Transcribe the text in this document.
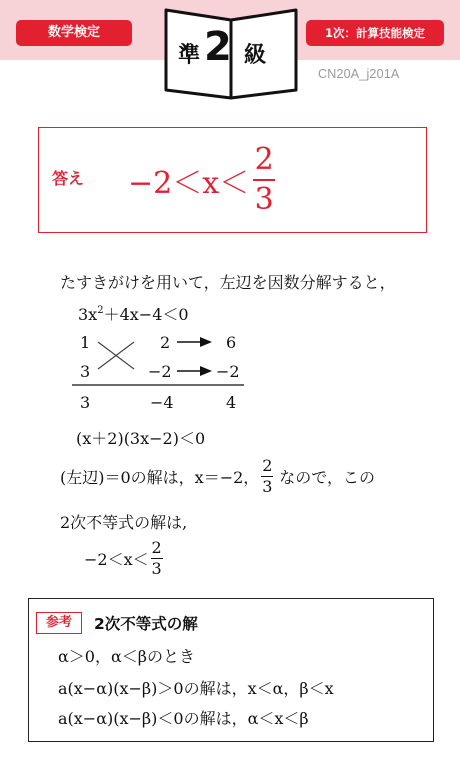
数学検定	1次：計算技能検定
準 2 級
CN20A_j201A
答え $-2<x< \frac{2}{3}$
たすきがけを用いて，左辺を因数分解すると，
$3x^2+4x-4<0$
1	2	6
3	−2	−2
3	−4	4
(x＋2)(3x−2)＜0
(左辺)＝0の解は，x＝−2，
2
3 なので，この
2次不等式の解は,
−2＜x＜
2
3
参考	2次不等式の解
α＞0，α＜βのとき
a(x−α)(x−β)＞0の解は，x＜α，β＜x
a(x−α)(x−β)＜0の解は，α＜x＜β
